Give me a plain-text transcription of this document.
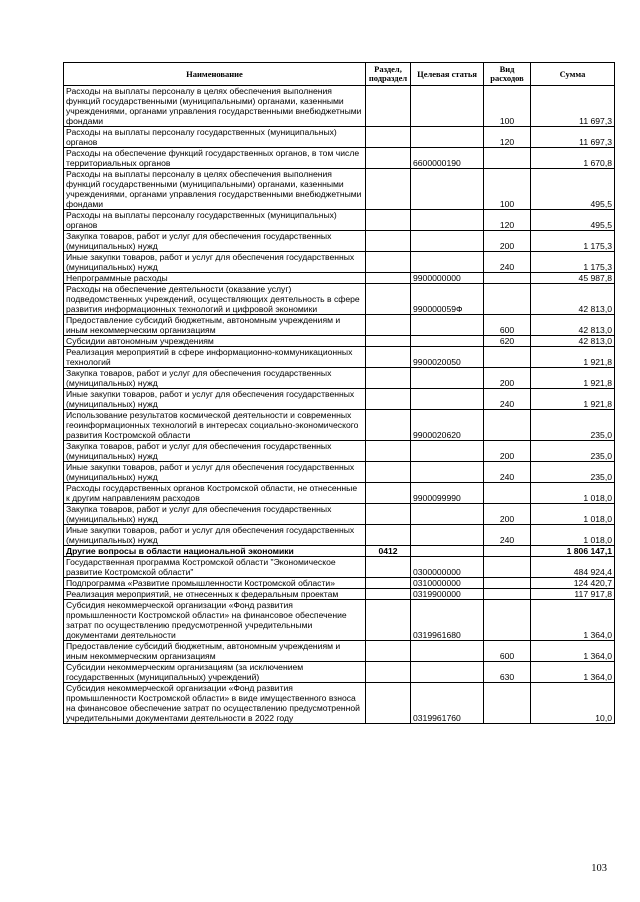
Наименование	Раздел, подраздел	Целевая статья	Вид расходов	Сумма
Расходы на выплаты персоналу в целях обеспечения выполнения функций государственными (муниципальными) органами, казенными учреждениями, органами управления государственными внебюджетными фондами			100	11 697,3
Расходы на выплаты персоналу государственных (муниципальных) органов			120	11 697,3
Расходы на обеспечение функций государственных органов, в том числе территориальных органов		6600000190		1 670,8
Расходы на выплаты персоналу в целях обеспечения выполнения функций государственными (муниципальными) органами, казенными учреждениями, органами управления государственными внебюджетными фондами			100	495,5
Расходы на выплаты персоналу государственных (муниципальных) органов			120	495,5
Закупка товаров, работ и услуг для обеспечения государственных (муниципальных) нужд			200	1 175,3
Иные закупки товаров, работ и услуг для обеспечения государственных (муниципальных) нужд			240	1 175,3
Непрограммные расходы		9900000000		45 987,8
Расходы на обеспечение деятельности (оказание услуг) подведомственных учреждений, осуществляющих деятельность в сфере развития информационных технологий и цифровой экономики		990000059Ф		42 813,0
Предоставление субсидий бюджетным, автономным учреждениям и иным некоммерческим организациям			600	42 813,0
Субсидии автономным учреждениям			620	42 813,0
Реализация мероприятий в сфере информационно-коммуникационных технологий		9900020050		1 921,8
Закупка товаров, работ и услуг для обеспечения государственных (муниципальных) нужд			200	1 921,8
Иные закупки товаров, работ и услуг для обеспечения государственных (муниципальных) нужд			240	1 921,8
Использование результатов космической деятельности и современных геоинформационных технологий в интересах социально-экономического развития Костромской области		9900020620		235,0
Закупка товаров, работ и услуг для обеспечения государственных (муниципальных) нужд			200	235,0
Иные закупки товаров, работ и услуг для обеспечения государственных (муниципальных) нужд			240	235,0
Расходы государственных органов Костромской области, не отнесенные к другим направлениям расходов		9900099990		1 018,0
Закупка товаров, работ и услуг для обеспечения государственных (муниципальных) нужд			200	1 018,0
Иные закупки товаров, работ и услуг для обеспечения государственных (муниципальных) нужд			240	1 018,0
Другие вопросы в области национальной экономики	0412			1 806 147,1
Государственная программа Костромской области "Экономическое развитие Костромской области"		0300000000		484 924,4
Подпрограмма «Развитие промышленности Костромской области»		0310000000		124 420,7
Реализация мероприятий, не отнесенных к федеральным проектам		0319900000		117 917,8
Субсидия некоммерческой организации «Фонд развития промышленности Костромской области» на финансовое обеспечение затрат по осуществлению предусмотренной учредительными документами деятельности		0319961680		1 364,0
Предоставление субсидий бюджетным, автономным учреждениям и иным некоммерческим организациям			600	1 364,0
Субсидии некоммерческим организациям (за исключением государственных (муниципальных) учреждений)			630	1 364,0
Субсидия некоммерческой организации «Фонд развития промышленности Костромской области» в виде имущественного взноса на финансовое обеспечение затрат по осуществлению предусмотренной учредительными документами деятельности в 2022 году		0319961760		10,0
103
